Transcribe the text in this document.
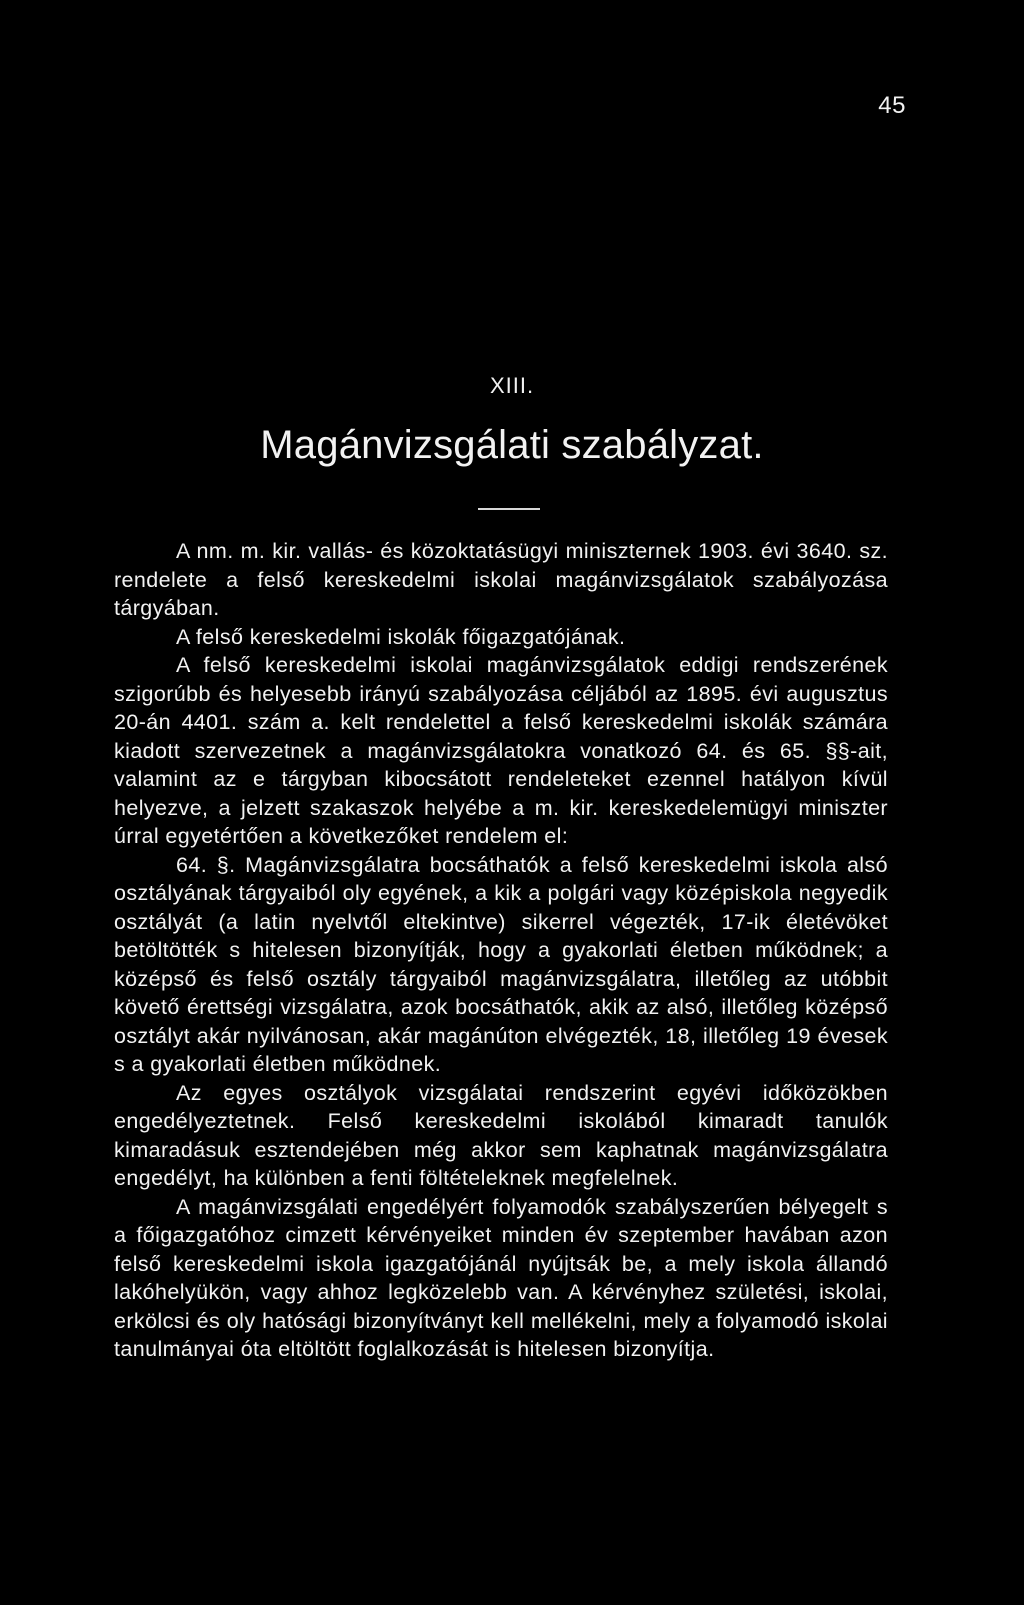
45
XIII.
Magánvizsgálati szabályzat.

A nm. m. kir. vallás- és közoktatásügyi miniszternek 1903. évi 3640. sz. rendelete a felső kereskedelmi iskolai magánvizsgálatok szabályozása tárgyában.

A felső kereskedelmi iskolák főigazgatójának.

A felső kereskedelmi iskolai magánvizsgálatok eddigi rendszerének szigorúbb és helyesebb irányú szabályozása céljából az 1895. évi augusztus 20-án 4401. szám a. kelt rendelettel a felső kereskedelmi iskolák számára kiadott szervezetnek a magánvizsgálatokra vonatkozó 64. és 65. §§-ait, valamint az e tárgyban kibocsátott rendeleteket ezennel hatályon kívül helyezve, a jelzett szakaszok helyébe a m. kir. kereskedelemügyi miniszter úrral egyetértően a következőket rendelem el:

64. §. Magánvizsgálatra bocsáthatók a felső kereskedelmi iskola alsó osztályának tárgyaiból oly egyének, a kik a polgári vagy középiskola negyedik osztályát (a latin nyelvtől eltekintve) sikerrel végezték, 17-ik életévöket betöltötték s hitelesen bizonyítják, hogy a gyakorlati életben működnek; a középső és felső osztály tárgyaiból magánvizsgálatra, illetőleg az utóbbit követő érettségi vizsgálatra, azok bocsáthatók, akik az alsó, illetőleg középső osztályt akár nyilvánosan, akár magánúton elvégezték, 18, illetőleg 19 évesek s a gyakorlati életben működnek.

Az egyes osztályok vizsgálatai rendszerint egyévi időközökben engedélyeztetnek. Felső kereskedelmi iskolából kimaradt tanulók kimaradásuk esztendejében még akkor sem kaphatnak magánvizsgálatra engedélyt, ha különben a fenti föltételeknek megfelelnek.

A magánvizsgálati engedélyért folyamodók szabályszerűen bélyegelt s a főigazgatóhoz cimzett kérvényeiket minden év szeptember havában azon felső kereskedelmi iskola igazgatójánál nyújtsák be, a mely iskola állandó lakóhelyükön, vagy ahhoz legközelebb van. A kérvényhez születési, iskolai, erkölcsi és oly hatósági bizonyítványt kell mellékelni, mely a folyamodó iskolai tanulmányai óta eltöltött foglalkozását is hitelesen bizonyítja.
